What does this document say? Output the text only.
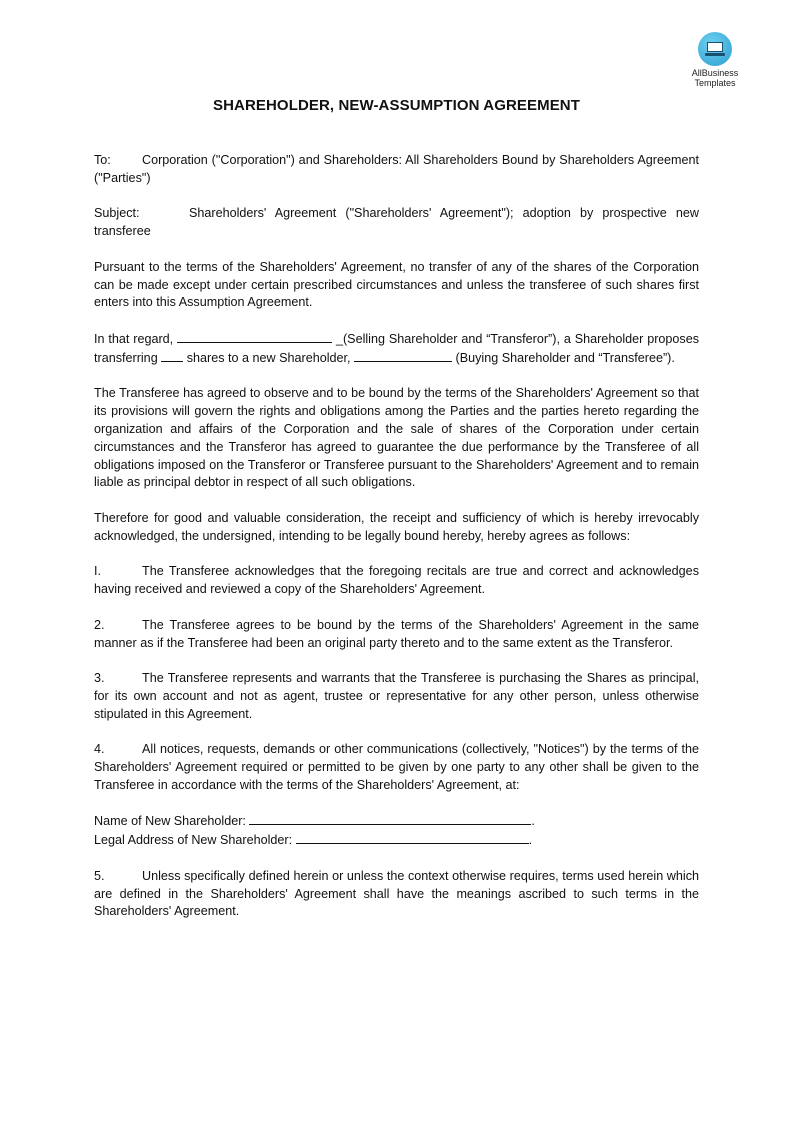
AllBusiness
Templates
SHAREHOLDER, NEW-ASSUMPTION AGREEMENT

To: Corporation ("Corporation") and Shareholders: All Shareholders Bound by Shareholders Agreement ("Parties")

Subject:	Shareholders' Agreement ("Shareholders' Agreement"); adoption by prospective new transferee

Pursuant to the terms of the Shareholders' Agreement, no transfer of any of the shares of the Corporation can be made except under certain prescribed circumstances and unless the transferee of such shares first enters into this Assumption Agreement.

In that regard,	_(Selling Shareholder and “Transferor”), a Shareholder proposes transferring shares to a new Shareholder,	(Buying Shareholder and “Transferee”).

The Transferee has agreed to observe and to be bound by the terms of the Shareholders' Agreement so that its provisions will govern the rights and obligations among the Parties and the parties hereto regarding the organization and affairs of the Corporation and the sale of shares of the Corporation under certain circumstances and the Transferor has agreed to guarantee the due performance by the Transferee of all obligations imposed on the Transferor or Transferee pursuant to the Shareholders' Agreement and to remain liable as principal debtor in respect of all such obligations.

Therefore for good and valuable consideration, the receipt and sufficiency of which is hereby irrevocably acknowledged, the undersigned, intending to be legally bound hereby, hereby agrees as follows:

I.	The Transferee acknowledges that the foregoing recitals are true and correct and acknowledges having received and reviewed a copy of the Shareholders' Agreement.

2.	The Transferee agrees to be bound by the terms of the Shareholders' Agreement in the same manner as if the Transferee had been an original party thereto and to the same extent as the Transferor.

3.	The Transferee represents and warrants that the Transferee is purchasing the Shares as principal, for its own account and not as agent, trustee or representative for any other person, unless otherwise stipulated in this Agreement.

4.	All notices, requests, demands or other communications (collectively, "Notices") by the terms of the Shareholders' Agreement required or permitted to be given by one party to any other shall be given to the Transferee in accordance with the terms of the Shareholders' Agreement, at:

Name of New Shareholder:	.

Legal Address of New Shareholder:	.

5.	Unless specifically defined herein or unless the context otherwise requires, terms used herein which are defined in the Shareholders' Agreement shall have the meanings ascribed to such terms in the Shareholders' Agreement.
